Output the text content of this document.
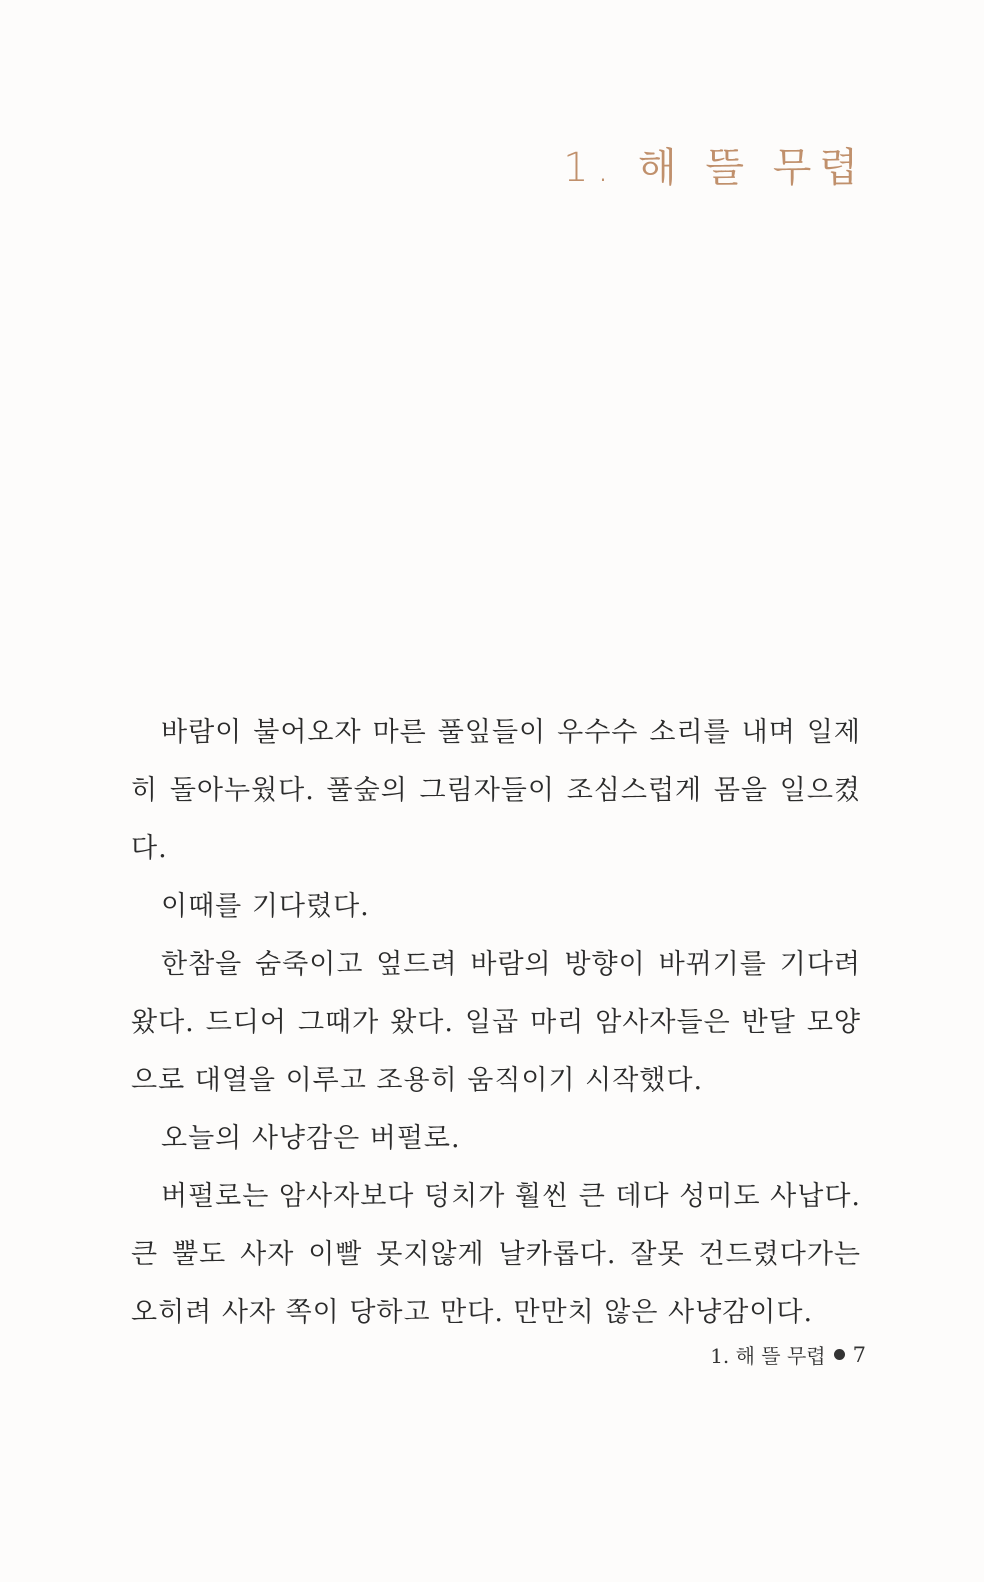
1. 해 뜰 무렵

바람이 불어오자 마른 풀잎들이 우수수 소리를 내며 일제히 돌아누웠다. 풀숲의 그림자들이 조심스럽게 몸을 일으켰다.

이때를 기다렸다.

한참을 숨죽이고 엎드려 바람의 방향이 바뀌기를 기다려 왔다. 드디어 그때가 왔다. 일곱 마리 암사자들은 반달 모양으로 대열을 이루고 조용히 움직이기 시작했다.

오늘의 사냥감은 버펄로.

버펄로는 암사자보다 덩치가 훨씬 큰 데다 성미도 사납다. 큰 뿔도 사자 이빨 못지않게 날카롭다. 잘못 건드렸다가는 오히려 사자 쪽이 당하고 만다. 만만치 않은 사냥감이다.

1. 해 뜰 무렵 7
